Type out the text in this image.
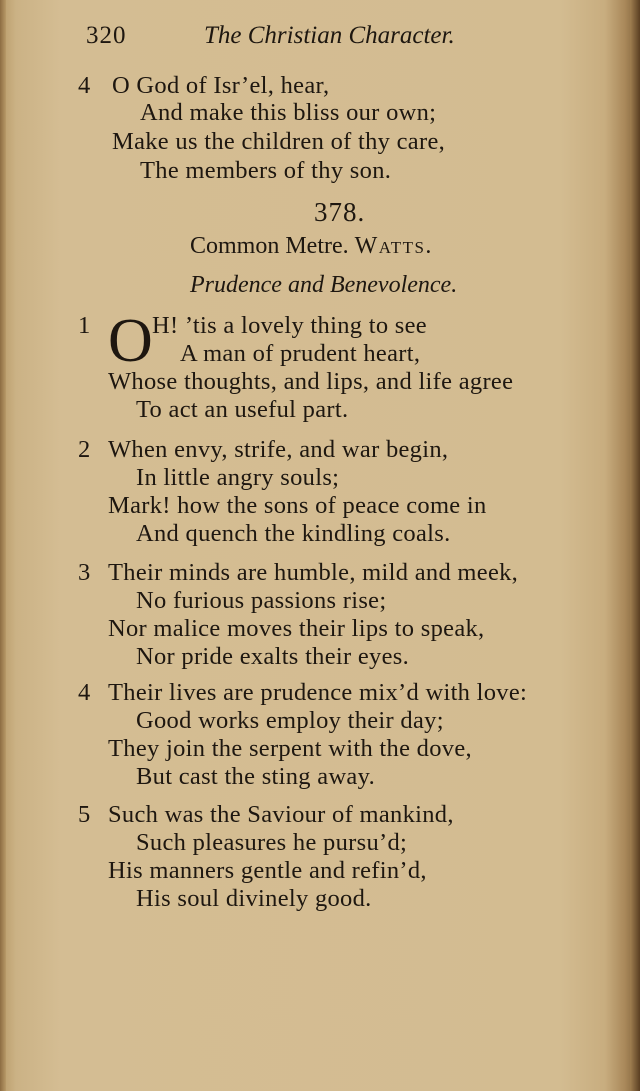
320	The Christian Character.
4 O God of Isr’el, hear,
And make this bliss our own;
Make us the children of thy care,
The members of thy son.
378.
Common Metre. Watts.
Prudence and Benevolence.
O
1	H! ’tis a lovely thing to see
A man of prudent heart,
Whose thoughts, and lips, and life agree
To act an useful part.
2 When envy, strife, and war begin,
In little angry souls;
Mark! how the sons of peace come in
And quench the kindling coals.
3 Their minds are humble, mild and meek,
No furious passions rise;
Nor malice moves their lips to speak,
Nor pride exalts their eyes.
4 Their lives are prudence mix’d with love:
Good works employ their day;
They join the serpent with the dove,
But cast the sting away.
5 Such was the Saviour of mankind,
Such pleasures he pursu’d;
His manners gentle and refin’d,
His soul divinely good.
